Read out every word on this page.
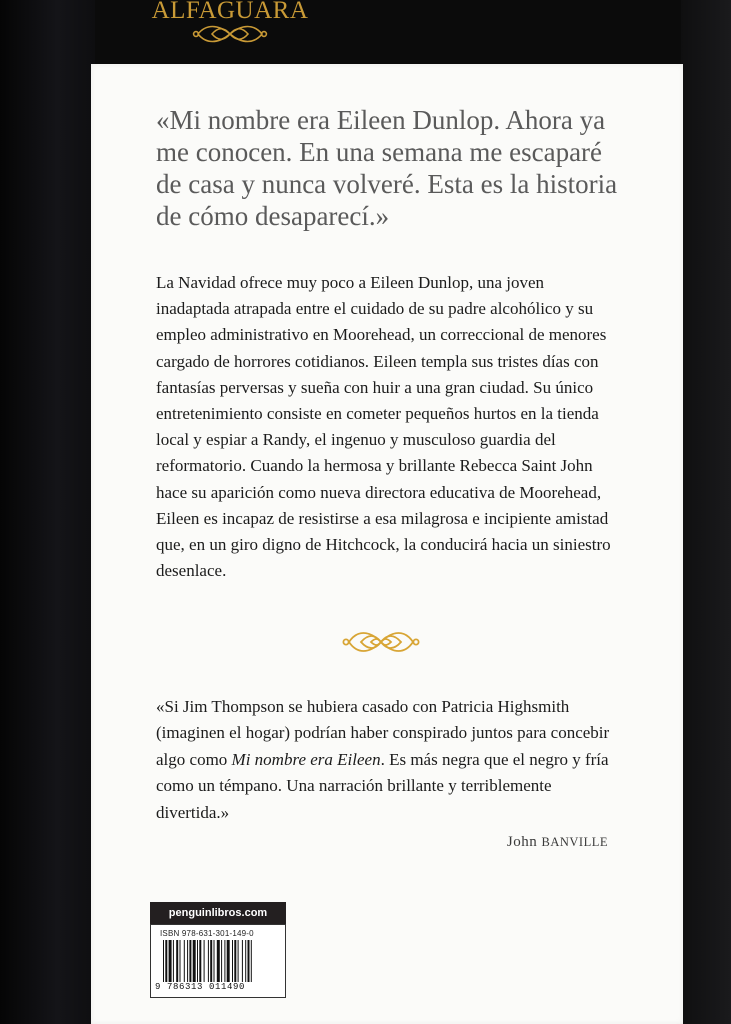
ALFAGUARA

«Mi nombre era Eileen Dunlop. Ahora ya me conocen. En una semana me escaparé de casa y nunca volveré. Esta es la historia de cómo desaparecí.»

La Navidad ofrece muy poco a Eileen Dunlop, una joven inadaptada atrapada entre el cuidado de su padre alcohólico y su empleo administrativo en Moorehead, un correccional de menores cargado de horrores cotidianos. Eileen templa sus tristes días con fantasías perversas y sueña con huir a una gran ciudad. Su único entretenimiento consiste en cometer pequeños hurtos en la tienda local y espiar a Randy, el ingenuo y musculoso guardia del reformatorio. Cuando la hermosa y brillante Rebecca Saint John hace su aparición como nueva directora educativa de Moorehead, Eileen es incapaz de resistirse a esa milagrosa e incipiente amistad que, en un giro digno de Hitchcock, la conducirá hacia un siniestro desenlace.

«Si Jim Thompson se hubiera casado con Patricia Highsmith (imaginen el hogar) podrían haber conspirado juntos para concebir algo como Mi nombre era Eileen. Es más negra que el negro y fría como un témpano. Una narración brillante y terriblemente divertida.»

John BANVILLE
penguinlibros.com
ISBN 978-631-301-149-0
9 786313 011490
